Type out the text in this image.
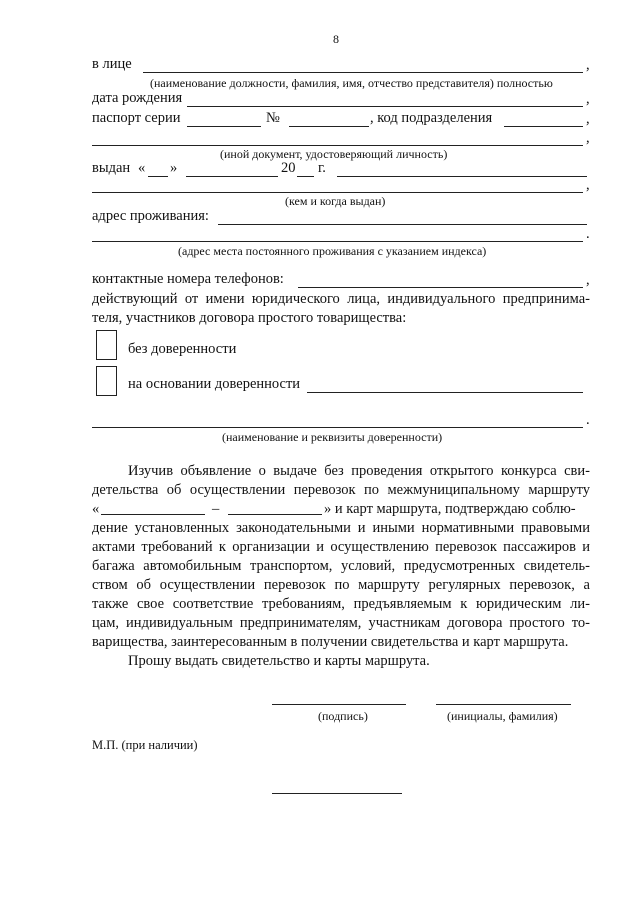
8
в лице	,
(наименование должности, фамилия, имя, отчество представителя) полностью
дата рождения	,
паспорт серии	№	, код подразделения	,
,
(иной документ, удостоверяющий личность)
выдан « »	20 г.
,
(кем и когда выдан)
адрес проживания:
.
(адрес места постоянного проживания с указанием индекса)
контактные номера телефонов:	,
действующий от имени юридического лица, индивидуального предпринима-
теля, участников договора простого товарищества:
без доверенности
на основании доверенности
.
(наименование и реквизиты доверенности)
Изучив объявление о выдаче без проведения открытого конкурса сви-
детельства об осуществлении перевозок по межмуниципальному маршруту
«	–	» и карт маршрута, подтверждаю соблю-
дение установленных законодательными и иными нормативными правовыми
актами требований к организации и осуществлению перевозок пассажиров и
багажа автомобильным транспортом, условий, предусмотренных свидетель-
ством об осуществлении перевозок по маршруту регулярных перевозок, а
также свое соответствие требованиям, предъявляемым к юридическим ли-
цам, индивидуальным предпринимателям, участникам договора простого то-
варищества, заинтересованным в получении свидетельства и карт маршрута.
Прошу выдать свидетельство и карты маршрута.
(подпись)	(инициалы, фамилия)
М.П. (при наличии)
